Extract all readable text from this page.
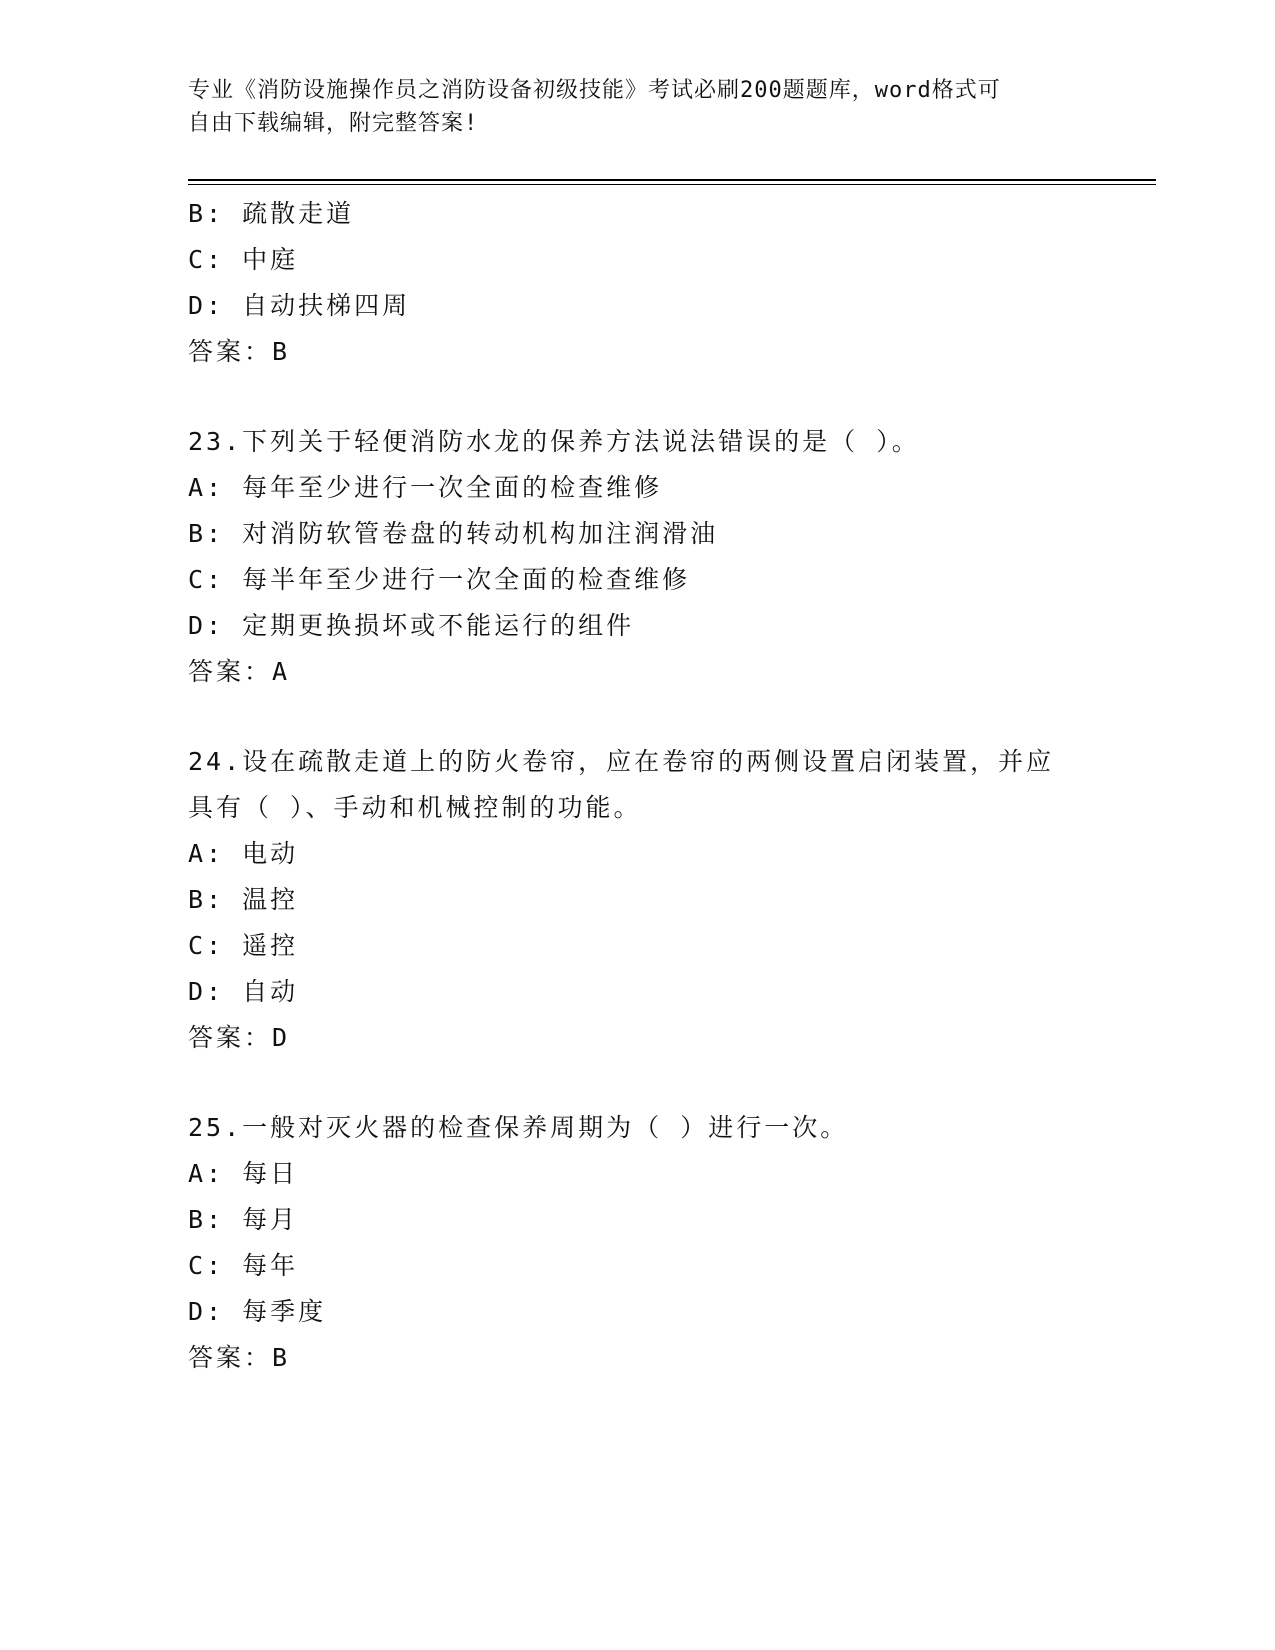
专业《消防设施操作员之消防设备初级技能》考试必刷200题题库，word格式可
自由下载编辑，附完整答案!
B: 疏散走道
C: 中庭
D: 自动扶梯四周
答案：B
23.下列关于轻便消防水龙的保养方法说法错误的是（ ）。
A: 每年至少进行一次全面的检查维修
B: 对消防软管卷盘的转动机构加注润滑油
C: 每半年至少进行一次全面的检查维修
D: 定期更换损坏或不能运行的组件
答案：A
24.设在疏散走道上的防火卷帘，应在卷帘的两侧设置启闭装置，并应
具有（ ）、手动和机械控制的功能。
A: 电动
B: 温控
C: 遥控
D: 自动
答案：D
25.一般对灭火器的检查保养周期为（ ）进行一次。
A: 每日
B: 每月
C: 每年
D: 每季度
答案：B
